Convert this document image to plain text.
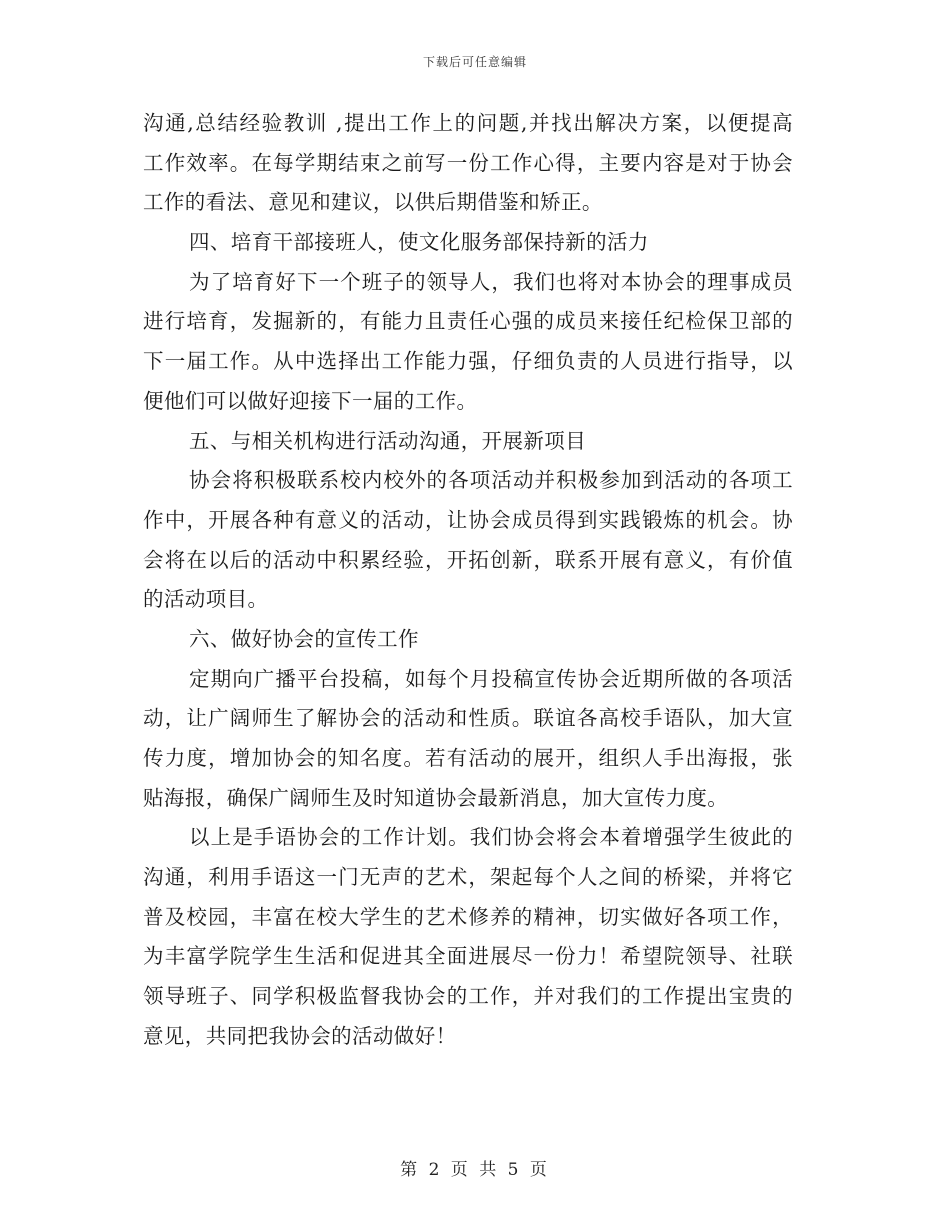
下载后可任意编辑
沟通,总结经验教训 ,提出工作上的问题,并找出解决方案，以便提高
工作效率。在每学期结束之前写一份工作心得，主要内容是对于协会
工作的看法、意见和建议，以供后期借鉴和矫正。
四、培育干部接班人，使文化服务部保持新的活力
为了培育好下一个班子的领导人，我们也将对本协会的理事成员
进行培育，发掘新的，有能力且责任心强的成员来接任纪检保卫部的
下一届工作。从中选择出工作能力强，仔细负责的人员进行指导，以
便他们可以做好迎接下一届的工作。
五、与相关机构进行活动沟通，开展新项目
协会将积极联系校内校外的各项活动并积极参加到活动的各项工
作中，开展各种有意义的活动，让协会成员得到实践锻炼的机会。协
会将在以后的活动中积累经验，开拓创新，联系开展有意义，有价值
的活动项目。
六、做好协会的宣传工作
定期向广播平台投稿，如每个月投稿宣传协会近期所做的各项活
动，让广阔师生了解协会的活动和性质。联谊各高校手语队，加大宣
传力度，增加协会的知名度。若有活动的展开，组织人手出海报，张
贴海报，确保广阔师生及时知道协会最新消息，加大宣传力度。
以上是手语协会的工作计划。我们协会将会本着增强学生彼此的
沟通，利用手语这一门无声的艺术，架起每个人之间的桥梁，并将它
普及校园，丰富在校大学生的艺术修养的精神，切实做好各项工作，
为丰富学院学生生活和促进其全面进展尽一份力！希望院领导、社联
领导班子、同学积极监督我协会的工作，并对我们的工作提出宝贵的
意见，共同把我协会的活动做好！
第 2 页 共 5 页
